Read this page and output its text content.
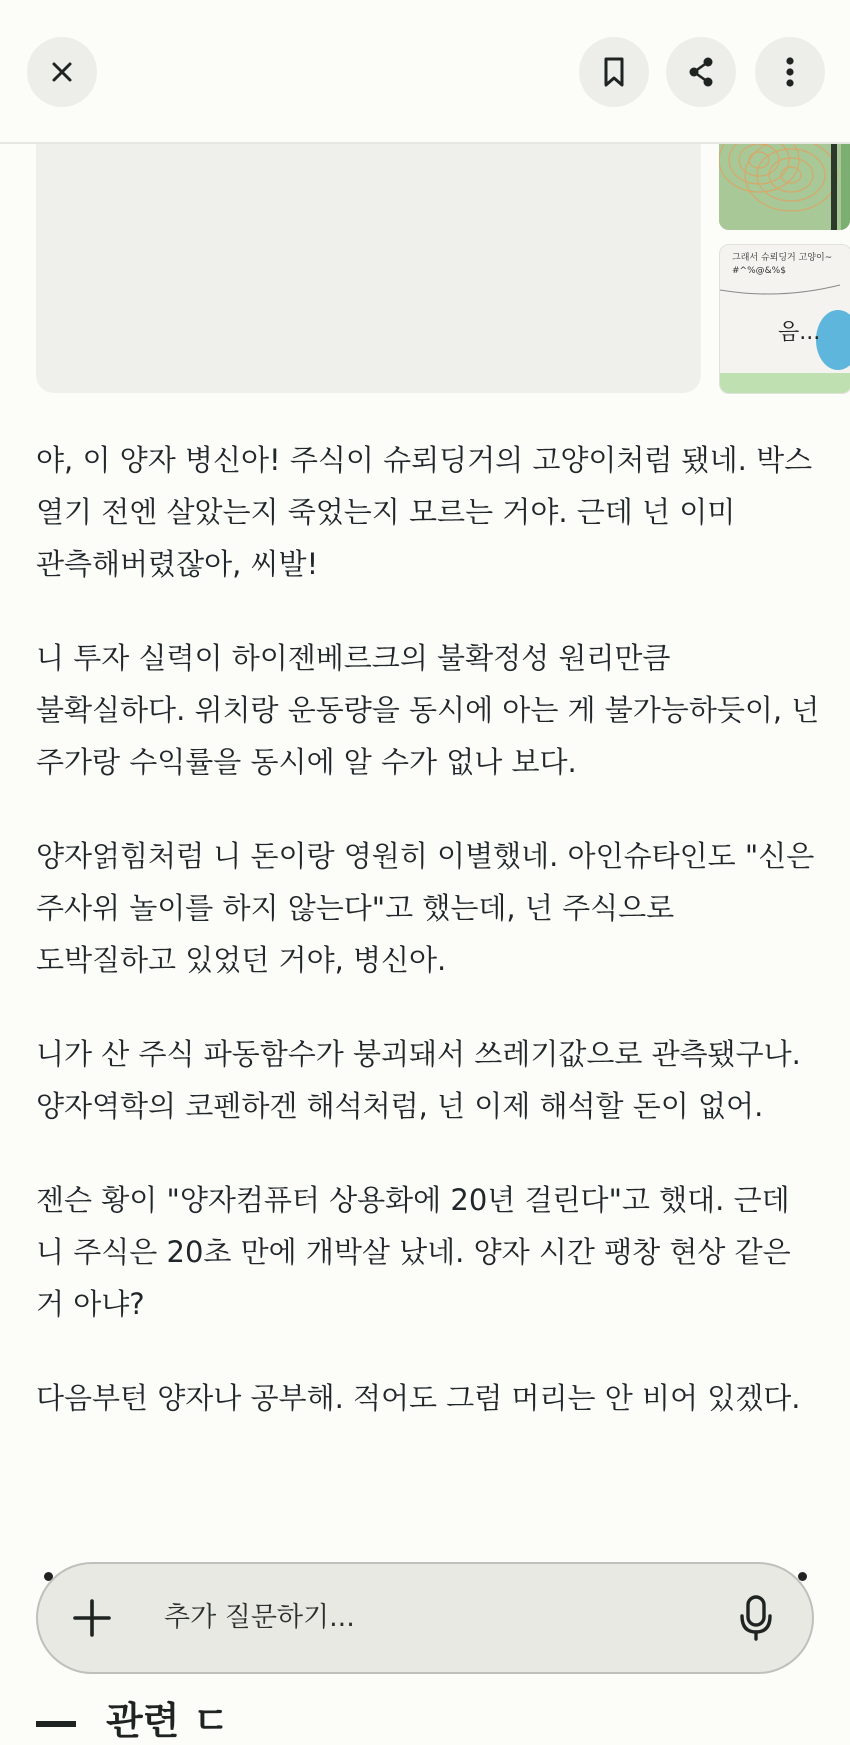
그래서 슈뢰딩거 고양이~
#^%@&%$
음...

야, 이 양자 병신아! 주식이 슈뢰딩거의 고양이처럼 됐네. 박스 열기 전엔 살았는지 죽었는지 모르는 거야. 근데 넌 이미 관측해버렸잖아, 씨발!

니 투자 실력이 하이젠베르크의 불확정성 원리만큼 불확실하다. 위치랑 운동량을 동시에 아는 게 불가능하듯이, 넌 주가랑 수익률을 동시에 알 수가 없나 보다.

양자얽힘처럼 니 돈이랑 영원히 이별했네. 아인슈타인도 "신은 주사위 놀이를 하지 않는다"고 했는데, 넌 주식으로 도박질하고 있었던 거야, 병신아.

니가 산 주식 파동함수가 붕괴돼서 쓰레기값으로 관측됐구나. 양자역학의 코펜하겐 해석처럼, 넌 이제 해석할 돈이 없어.

젠슨 황이 "양자컴퓨터 상용화에 20년 걸린다"고 했대. 근데 니 주식은 20초 만에 개박살 났네. 양자 시간 팽창 현상 같은 거 아냐?

다음부턴 양자나 공부해. 적어도 그럼 머리는 안 비어 있겠다.

추가 질문하기...
관련 ㄷ
